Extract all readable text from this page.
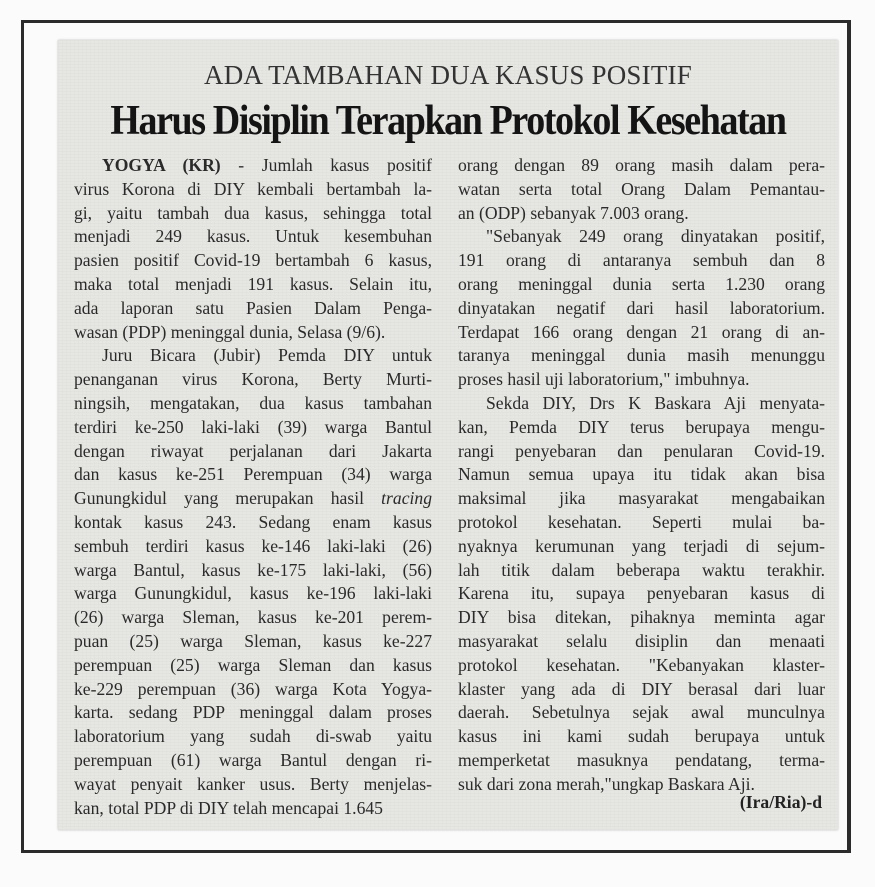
ADA TAMBAHAN DUA KASUS POSITIF
Harus Disiplin Terapkan Protokol Kesehatan
YOGYA (KR) - Jumlah kasus positif
virus Korona di DIY kembali bertambah la-
gi, yaitu tambah dua kasus, sehingga total
menjadi 249 kasus. Untuk kesembuhan
pasien positif Covid-19 bertambah 6 kasus,
maka total menjadi 191 kasus. Selain itu,
ada laporan satu Pasien Dalam Penga-
wasan (PDP) meninggal dunia, Selasa (9/6).
Juru Bicara (Jubir) Pemda DIY untuk
penanganan virus Korona, Berty Murti-
ningsih, mengatakan, dua kasus tambahan
terdiri ke-250 laki-laki (39) warga Bantul
dengan riwayat perjalanan dari Jakarta
dan kasus ke-251 Perempuan (34) warga
Gunungkidul yang merupakan hasil tracing
kontak kasus 243. Sedang enam kasus
sembuh terdiri kasus ke-146 laki-laki (26)
warga Bantul, kasus ke-175 laki-laki, (56)
warga Gunungkidul, kasus ke-196 laki-laki
(26) warga Sleman, kasus ke-201 perem-
puan (25) warga Sleman, kasus ke-227
perempuan (25) warga Sleman dan kasus
ke-229 perempuan (36) warga Kota Yogya-
karta. sedang PDP meninggal dalam proses
laboratorium yang sudah di-swab yaitu
perempuan (61) warga Bantul dengan ri-
wayat penyait kanker usus. Berty menjelas-
kan, total PDP di DIY telah mencapai 1.645
orang dengan 89 orang masih dalam pera-
watan serta total Orang Dalam Pemantau-
an (ODP) sebanyak 7.003 orang.
"Sebanyak 249 orang dinyatakan positif,
191 orang di antaranya sembuh dan 8
orang meninggal dunia serta 1.230 orang
dinyatakan negatif dari hasil laboratorium.
Terdapat 166 orang dengan 21 orang di an-
taranya meninggal dunia masih menunggu
proses hasil uji laboratorium," imbuhnya.
Sekda DIY, Drs K Baskara Aji menyata-
kan, Pemda DIY terus berupaya mengu-
rangi penyebaran dan penularan Covid-19.
Namun semua upaya itu tidak akan bisa
maksimal jika masyarakat mengabaikan
protokol kesehatan. Seperti mulai ba-
nyaknya kerumunan yang terjadi di sejum-
lah titik dalam beberapa waktu terakhir.
Karena itu, supaya penyebaran kasus di
DIY bisa ditekan, pihaknya meminta agar
masyarakat selalu disiplin dan menaati
protokol kesehatan. "Kebanyakan klaster-
klaster yang ada di DIY berasal dari luar
daerah. Sebetulnya sejak awal munculnya
kasus ini kami sudah berupaya untuk
memperketat masuknya pendatang, terma-
suk dari zona merah,"ungkap Baskara Aji.
(Ira/Ria)-d
